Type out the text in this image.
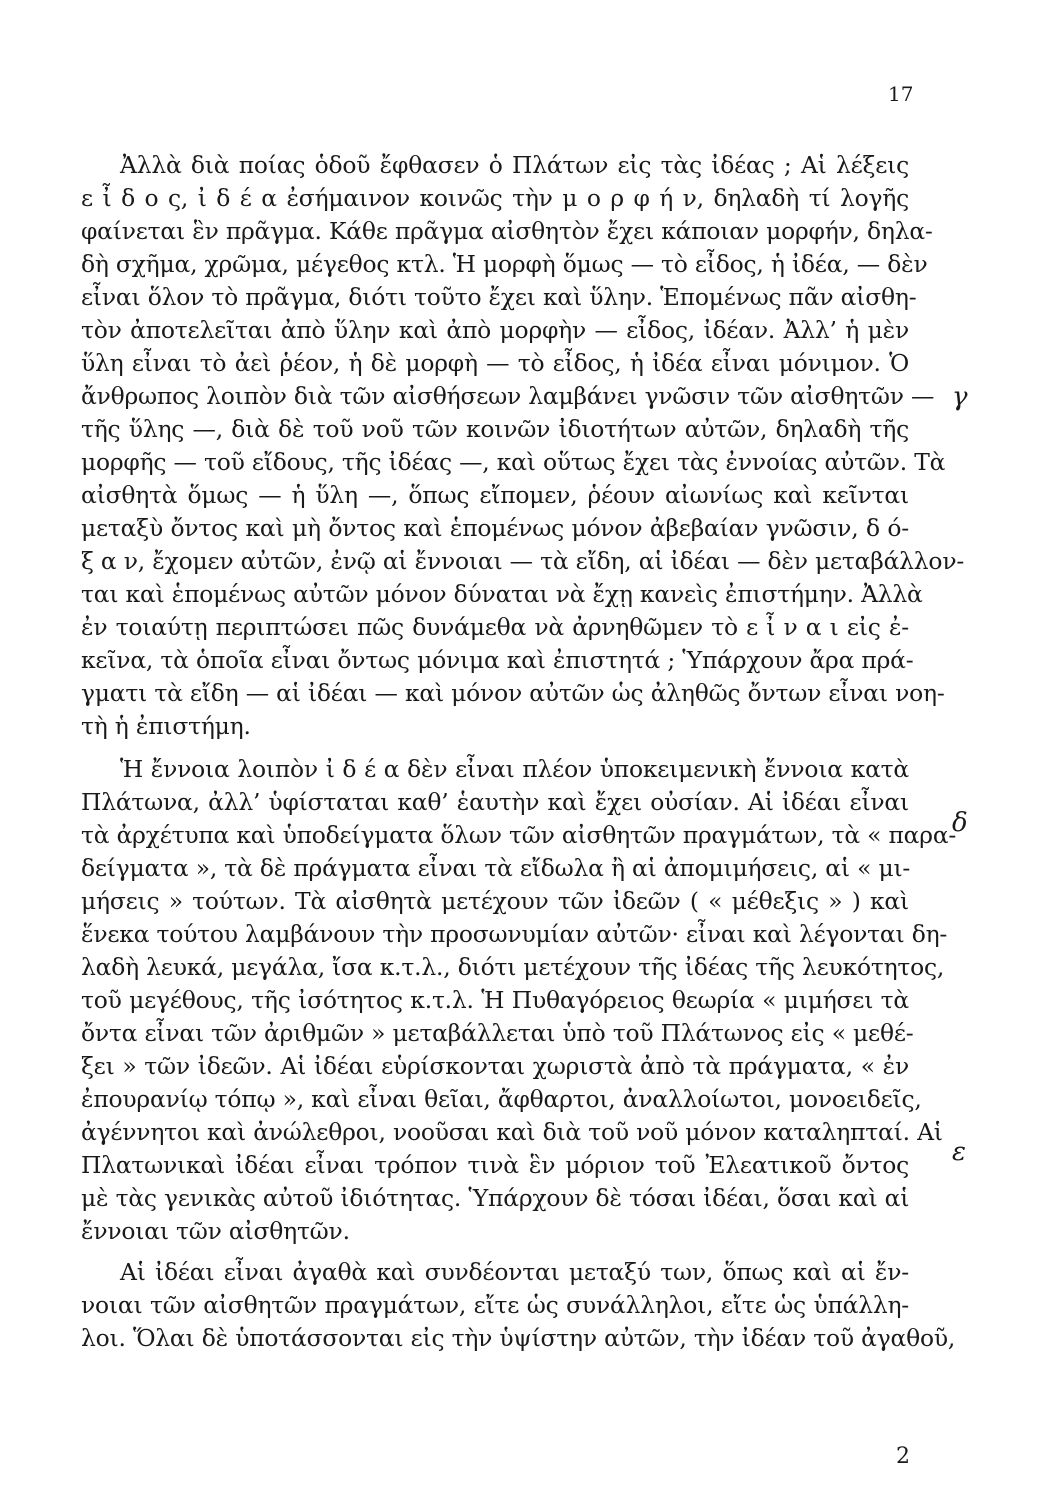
17
γ
δ
ε
Ἀλλὰ διὰ ποίας ὁδοῦ ἔφθασεν ὁ Πλάτων εἰς τὰς ἰδέας ; Αἱ λέξεις
ε ἶ δ ο ς, ἰ δ έ α ἐσήμαινον κοινῶς τὴν μ ο ρ φ ή ν, δηλαδὴ τί λογῆς
φαίνεται ἓν πρᾶγμα. Κάθε πρᾶγμα αἰσθητὸν ἔχει κάποιαν μορφήν, δηλα-
δὴ σχῆμα, χρῶμα, μέγεθος κτλ. Ἡ μορφὴ ὅμως — τὸ εἶδος, ἡ ἰδέα, — δὲν
εἶναι ὅλον τὸ πρᾶγμα, διότι τοῦτο ἔχει καὶ ὕλην. Ἑπομένως πᾶν αἰσθη-
τὸν ἀποτελεῖται ἀπὸ ὕλην καὶ ἀπὸ μορφὴν — εἶδος, ἰδέαν. Ἀλλ’ ἡ μὲν
ὕλη εἶναι τὸ ἀεὶ ῥέον, ἡ δὲ μορφὴ — τὸ εἶδος, ἡ ἰδέα εἶναι μόνιμον. Ὁ
ἄνθρωπος λοιπὸν διὰ τῶν αἰσθήσεων λαμβάνει γνῶσιν τῶν αἰσθητῶν —
τῆς ὕλης —, διὰ δὲ τοῦ νοῦ τῶν κοινῶν ἰδιοτήτων αὐτῶν, δηλαδὴ τῆς
μορφῆς — τοῦ εἴδους, τῆς ἰδέας —, καὶ οὕτως ἔχει τὰς ἐννοίας αὐτῶν. Τὰ
αἰσθητὰ ὅμως — ἡ ὕλη —, ὅπως εἴπομεν, ῥέουν αἰωνίως καὶ κεῖνται
μεταξὺ ὄντος καὶ μὴ ὄντος καὶ ἑπομένως μόνον ἀβεβαίαν γνῶσιν, δ ό-
ξ α ν, ἔχομεν αὐτῶν, ἐνῷ αἱ ἔννοιαι — τὰ εἴδη, αἱ ἰδέαι — δὲν μεταβάλλον-
ται καὶ ἑπομένως αὐτῶν μόνον δύναται νὰ ἔχῃ κανεὶς ἐπιστήμην. Ἀλλὰ
ἐν τοιαύτῃ περιπτώσει πῶς δυνάμεθα νὰ ἀρνηθῶμεν τὸ ε ἶ ν α ι εἰς ἐ-
κεῖνα, τὰ ὁποῖα εἶναι ὄντως μόνιμα καὶ ἐπιστητά ; Ὑπάρχουν ἄρα πρά-
γματι τὰ εἴδη — αἱ ἰδέαι — καὶ μόνον αὐτῶν ὡς ἀληθῶς ὄντων εἶναι νοη-
τὴ ἡ ἐπιστήμη.
Ἡ ἔννοια λοιπὸν ἰ δ έ α δὲν εἶναι πλέον ὑποκειμενικὴ ἔννοια κατὰ
Πλάτωνα, ἀλλ’ ὑφίσταται καθ’ ἑαυτὴν καὶ ἔχει οὐσίαν. Αἱ ἰδέαι εἶναι
τὰ ἀρχέτυπα καὶ ὑποδείγματα ὅλων τῶν αἰσθητῶν πραγμάτων, τὰ « παρα-
δείγματα », τὰ δὲ πράγματα εἶναι τὰ εἴδωλα ἢ αἱ ἀπομιμήσεις, αἱ « μι-
μήσεις » τούτων. Τὰ αἰσθητὰ μετέχουν τῶν ἰδεῶν ( « μέθεξις » ) καὶ
ἕνεκα τούτου λαμβάνουν τὴν προσωνυμίαν αὐτῶν· εἶναι καὶ λέγονται δη-
λαδὴ λευκά, μεγάλα, ἴσα κ.τ.λ., διότι μετέχουν τῆς ἰδέας τῆς λευκότητος,
τοῦ μεγέθους, τῆς ἰσότητος κ.τ.λ. Ἡ Πυθαγόρειος θεωρία « μιμήσει τὰ
ὄντα εἶναι τῶν ἀριθμῶν » μεταβάλλεται ὑπὸ τοῦ Πλάτωνος εἰς « μεθέ-
ξει » τῶν ἰδεῶν. Αἱ ἰδέαι εὑρίσκονται χωριστὰ ἀπὸ τὰ πράγματα, « ἐν
ἐπουρανίῳ τόπῳ », καὶ εἶναι θεῖαι, ἄφθαρτοι, ἀναλλοίωτοι, μονοειδεῖς,
ἀγέννητοι καὶ ἀνώλεθροι, νοοῦσαι καὶ διὰ τοῦ νοῦ μόνον καταληπταί. Αἱ
Πλατωνικαὶ ἰδέαι εἶναι τρόπον τινὰ ἓν μόριον τοῦ Ἐλεατικοῦ ὄντος
μὲ τὰς γενικὰς αὐτοῦ ἰδιότητας. Ὑπάρχουν δὲ τόσαι ἰδέαι, ὅσαι καὶ αἱ
ἔννοιαι τῶν αἰσθητῶν.
Αἱ ἰδέαι εἶναι ἀγαθὰ καὶ συνδέονται μεταξύ των, ὅπως καὶ αἱ ἔν-
νοιαι τῶν αἰσθητῶν πραγμάτων, εἴτε ὡς συνάλληλοι, εἴτε ὡς ὑπάλλη-
λοι. Ὅλαι δὲ ὑποτάσσονται εἰς τὴν ὑψίστην αὐτῶν, τὴν ἰδέαν τοῦ ἀγαθοῦ,
2
